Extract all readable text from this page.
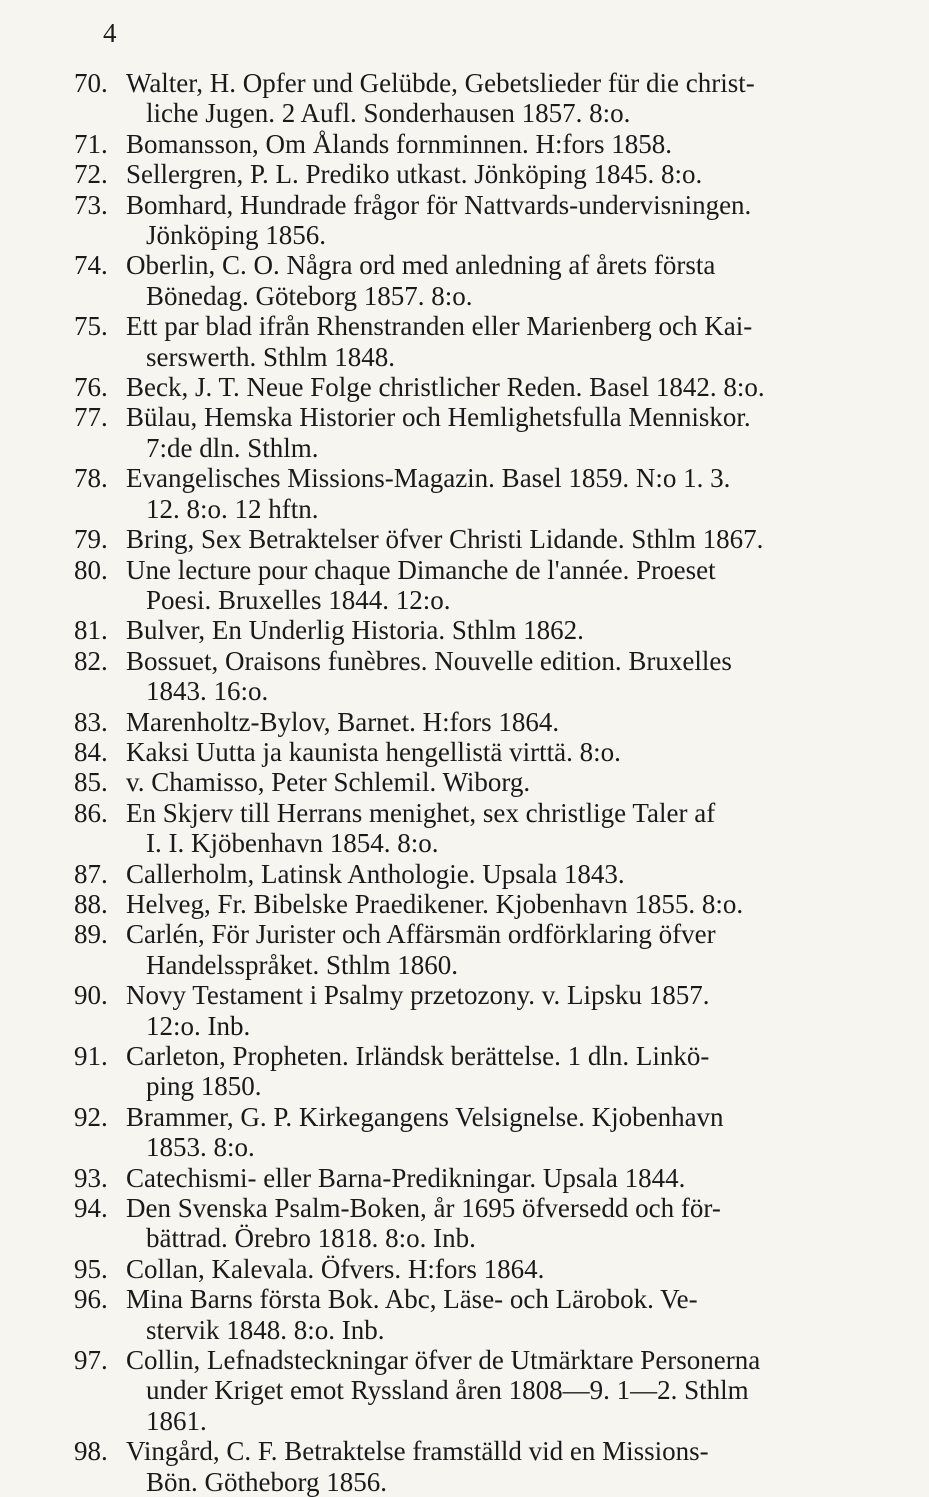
4
70. Walter, H. Opfer und Gelübde, Gebetslieder für die christ-
liche Jugen. 2 Aufl. Sonderhausen 1857. 8:o.
71. Bomansson, Om Ålands fornminnen. H:fors 1858.
72. Sellergren, P. L. Prediko utkast. Jönköping 1845. 8:o.
73. Bomhard, Hundrade frågor för Nattvards-undervisningen.
Jönköping 1856.
74. Oberlin, C. O. Några ord med anledning af årets första
Bönedag. Göteborg 1857. 8:o.
75. Ett par blad ifrån Rhenstranden eller Marienberg och Kai-
serswerth. Sthlm 1848.
76. Beck, J. T. Neue Folge christlicher Reden. Basel 1842. 8:o.
77. Bülau, Hemska Historier och Hemlighetsfulla Menniskor.
7:de dln. Sthlm.
78. Evangelisches Missions-Magazin. Basel 1859. N:o 1. 3.
12. 8:o. 12 hftn.
79. Bring, Sex Betraktelser öfver Christi Lidande. Sthlm 1867.
80. Une lecture pour chaque Dimanche de l'année. Proeset
Poesi. Bruxelles 1844. 12:o.
81. Bulver, En Underlig Historia. Sthlm 1862.
82. Bossuet, Oraisons funèbres. Nouvelle edition. Bruxelles
1843. 16:o.
83. Marenholtz-Bylov, Barnet. H:fors 1864.
84. Kaksi Uutta ja kaunista hengellistä virttä. 8:o.
85. v. Chamisso, Peter Schlemil. Wiborg.
86. En Skjerv till Herrans menighet, sex christlige Taler af
I. I. Kjöbenhavn 1854. 8:o.
87. Callerholm, Latinsk Anthologie. Upsala 1843.
88. Helveg, Fr. Bibelske Praedikener. Kjobenhavn 1855. 8:o.
89. Carlén, För Jurister och Affärsmän ordförklaring öfver
Handelsspråket. Sthlm 1860.
90. Novy Testament i Psalmy przetozony. v. Lipsku 1857.
12:o. Inb.
91. Carleton, Propheten. Irländsk berättelse. 1 dln. Linkö-
ping 1850.
92. Brammer, G. P. Kirkegangens Velsignelse. Kjobenhavn
1853. 8:o.
93. Catechismi- eller Barna-Predikningar. Upsala 1844.
94. Den Svenska Psalm-Boken, år 1695 öfversedd och för-
bättrad. Örebro 1818. 8:o. Inb.
95. Collan, Kalevala. Öfvers. H:fors 1864.
96. Mina Barns första Bok. Abc, Läse- och Lärobok. Ve-
stervik 1848. 8:o. Inb.
97. Collin, Lefnadsteckningar öfver de Utmärktare Personerna
under Kriget emot Ryssland åren 1808—9. 1—2. Sthlm
1861.
98. Vingård, C. F. Betraktelse framställd vid en Missions-
Bön. Götheborg 1856.
